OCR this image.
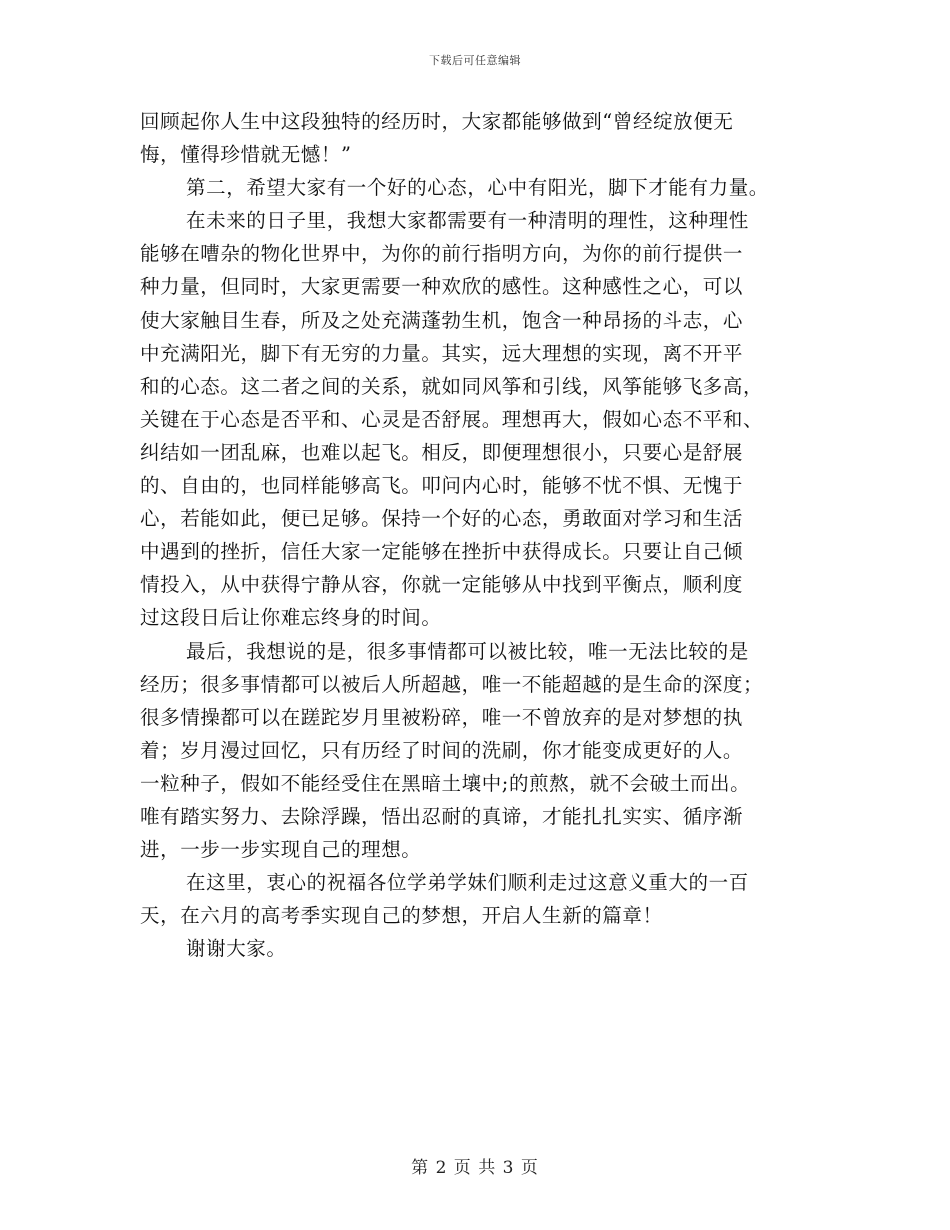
下载后可任意编辑
回顾起你人生中这段独特的经历时，大家都能够做到“曾经绽放便无
悔，懂得珍惜就无憾！”
第二，希望大家有一个好的心态，心中有阳光，脚下才能有力量。
在未来的日子里，我想大家都需要有一种清明的理性，这种理性
能够在嘈杂的物化世界中，为你的前行指明方向，为你的前行提供一
种力量，但同时，大家更需要一种欢欣的感性。这种感性之心，可以
使大家触目生春，所及之处充满蓬勃生机，饱含一种昂扬的斗志，心
中充满阳光，脚下有无穷的力量。其实，远大理想的实现，离不开平
和的心态。这二者之间的关系，就如同风筝和引线，风筝能够飞多高，
关键在于心态是否平和、心灵是否舒展。理想再大，假如心态不平和、
纠结如一团乱麻，也难以起飞。相反，即便理想很小，只要心是舒展
的、自由的，也同样能够高飞。叩问内心时，能够不忧不惧、无愧于
心，若能如此，便已足够。保持一个好的心态，勇敢面对学习和生活
中遇到的挫折，信任大家一定能够在挫折中获得成长。只要让自己倾
情投入，从中获得宁静从容，你就一定能够从中找到平衡点，顺利度
过这段日后让你难忘终身的时间。
最后，我想说的是，很多事情都可以被比较，唯一无法比较的是
经历；很多事情都可以被后人所超越，唯一不能超越的是生命的深度；
很多情操都可以在蹉跎岁月里被粉碎，唯一不曾放弃的是对梦想的执
着；岁月漫过回忆，只有历经了时间的洗刷，你才能变成更好的人。
一粒种子，假如不能经受住在黑暗土壤中;的煎熬，就不会破土而出。
唯有踏实努力、去除浮躁，悟出忍耐的真谛，才能扎扎实实、循序渐
进，一步一步实现自己的理想。
在这里，衷心的祝福各位学弟学妹们顺利走过这意义重大的一百
天，在六月的高考季实现自己的梦想，开启人生新的篇章！
谢谢大家。
第 2 页 共 3 页
